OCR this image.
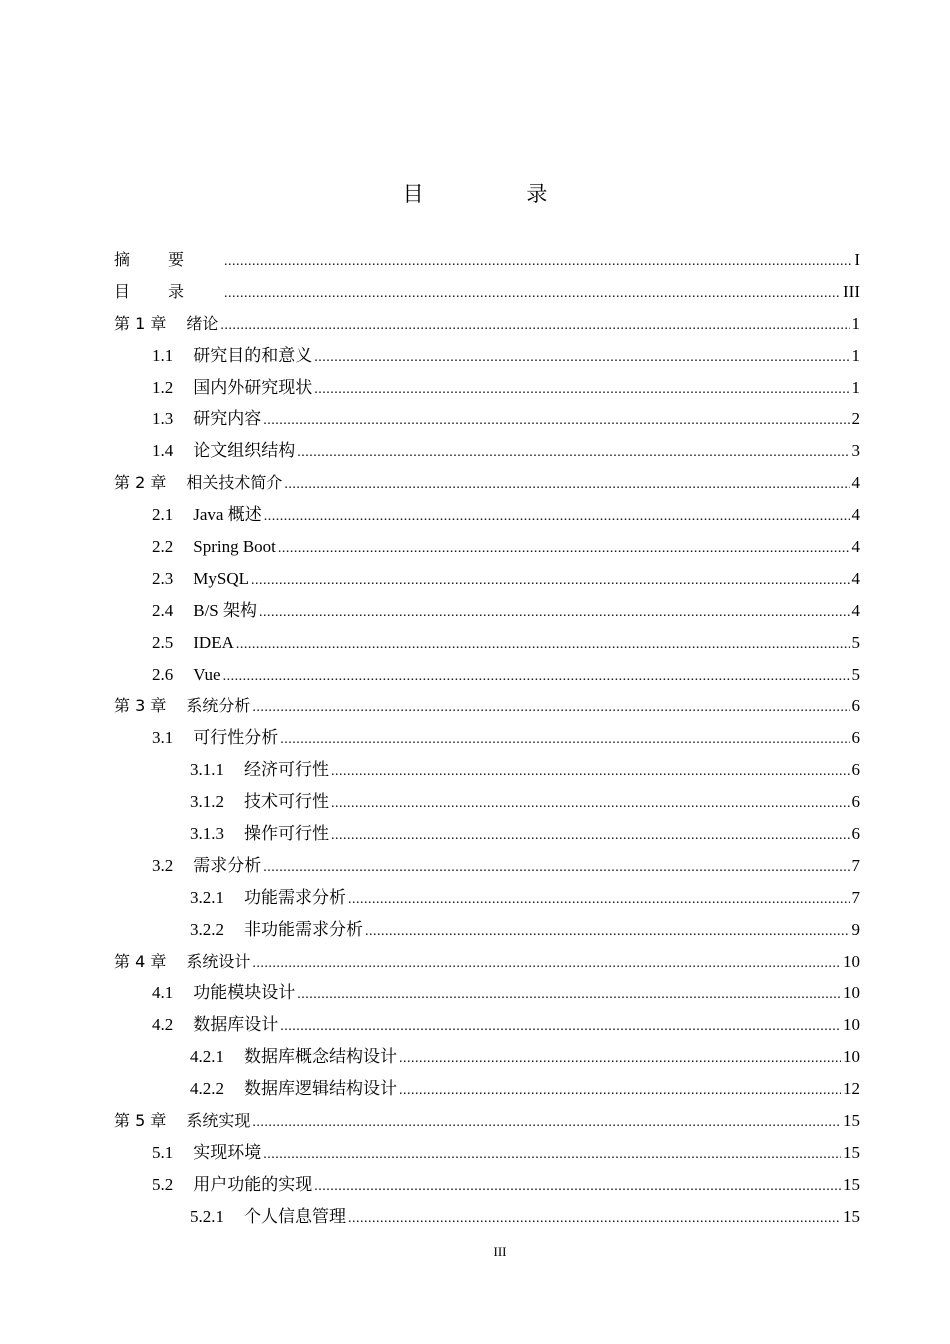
目 录
摘要 .....	I
目录 .....	III
第 1 章 绪论 .....	1
1.1 研究目的和意义 .....	1
1.2 国内外研究现状 .....	1
1.3 研究内容 .....	2
1.4 论文组织结构 .....	3
第 2 章 相关技术简介 .....	4
2.1 Java 概述 .....	4
2.2 Spring Boot .....	4
2.3 MySQL .....	4
2.4 B/S 架构 .....	4
2.5 IDEA .....	5
2.6 Vue .....	5
第 3 章 系统分析 .....	6
3.1 可行性分析 .....	6
3.1.1 经济可行性 .....	6
3.1.2 技术可行性 .....	6
3.1.3 操作可行性 .....	6
3.2 需求分析 .....	7
3.2.1 功能需求分析 .....	7
3.2.2 非功能需求分析 .....	9
第 4 章 系统设计 .....	10
4.1 功能模块设计 .....	10
4.2 数据库设计 .....	10
4.2.1 数据库概念结构设计 .....	10
4.2.2 数据库逻辑结构设计 .....	12
第 5 章 系统实现 .....	15
5.1 实现环境 .....	15
5.2 用户功能的实现 .....	15
5.2.1 个人信息管理 .....	15
III
